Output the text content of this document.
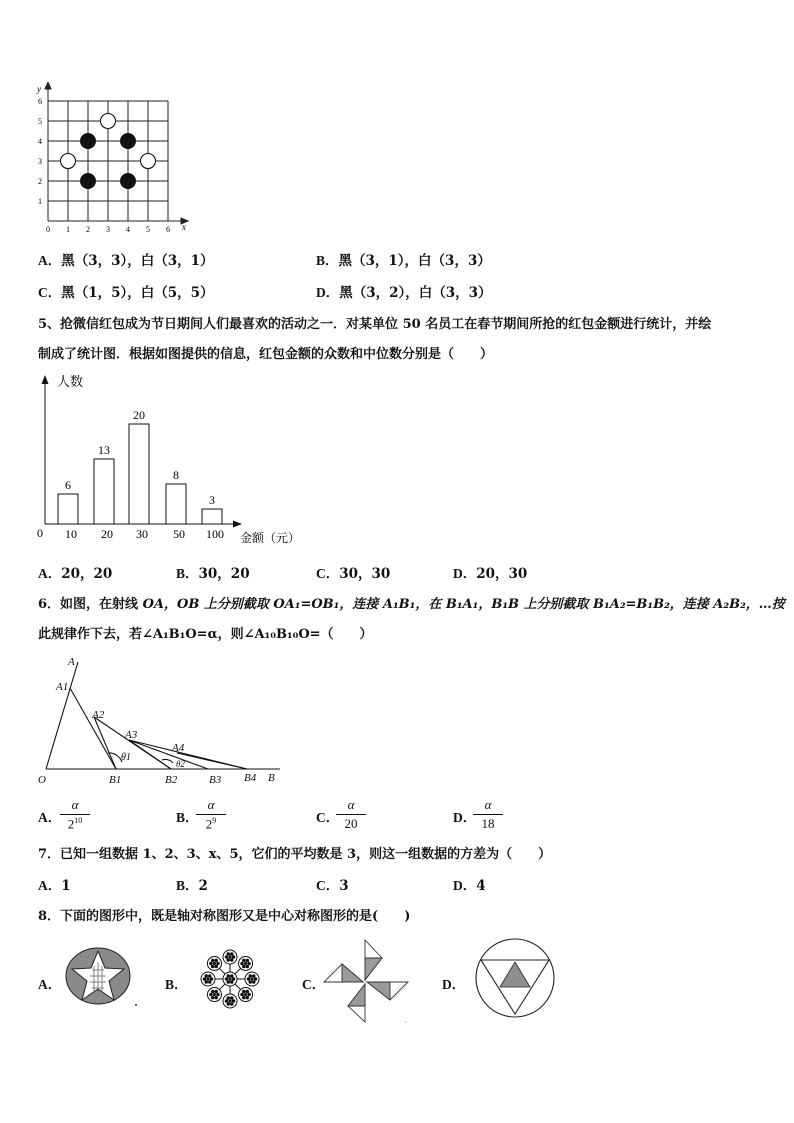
y
x
0 1 2 3 4 5 6
1
2
3
4
5
6
A．黑（3，3），白（3，1）	B．黑（3，1），白（3，3）
C．黑（1，5），白（5，5）	D．黑（3，2），白（3，3）
5、抢微信红包成为节日期间人们最喜欢的活动之一．对某单位 50 名员工在春节期间所抢的红包金额进行统计，并绘
制成了统计图．根据如图提供的信息，红包金额的众数和中位数分别是（　　）
人数
0	金额（元）
6
10
13
20
20
30
8
50
3
100
A．20，20	B．30，20	C．30，30	D．20，30
6．如图，在射线 OA，OB 上分别截取 OA₁=OB₁，连接 A₁B₁，在 B₁A₁，B₁B 上分别截取 B₁A₂=B₁B₂，连接 A₂B₂，…按
此规律作下去，若∠A₁B₁O=α，则∠A₁₀B₁₀O=（　　）
A
A1
A2
A3
A4
θ1
θ2
O	B1	B2	B3 B4 B
A．
$\frac{\alpha}{2^{10}}$	B．
$\frac{\alpha}{2^9}$	C．
$\frac{\alpha}{20}$	D．
$\frac{\alpha}{18}$
7．已知一组数据 1、2、3、x、5，它们的平均数是 3，则这一组数据的方差为（　　）
A．1	B．2	C．3	D．4
8．下面的图形中，既是轴对称图形又是中心对称图形的是(　　)
A．	B．	C．
≡
D．
